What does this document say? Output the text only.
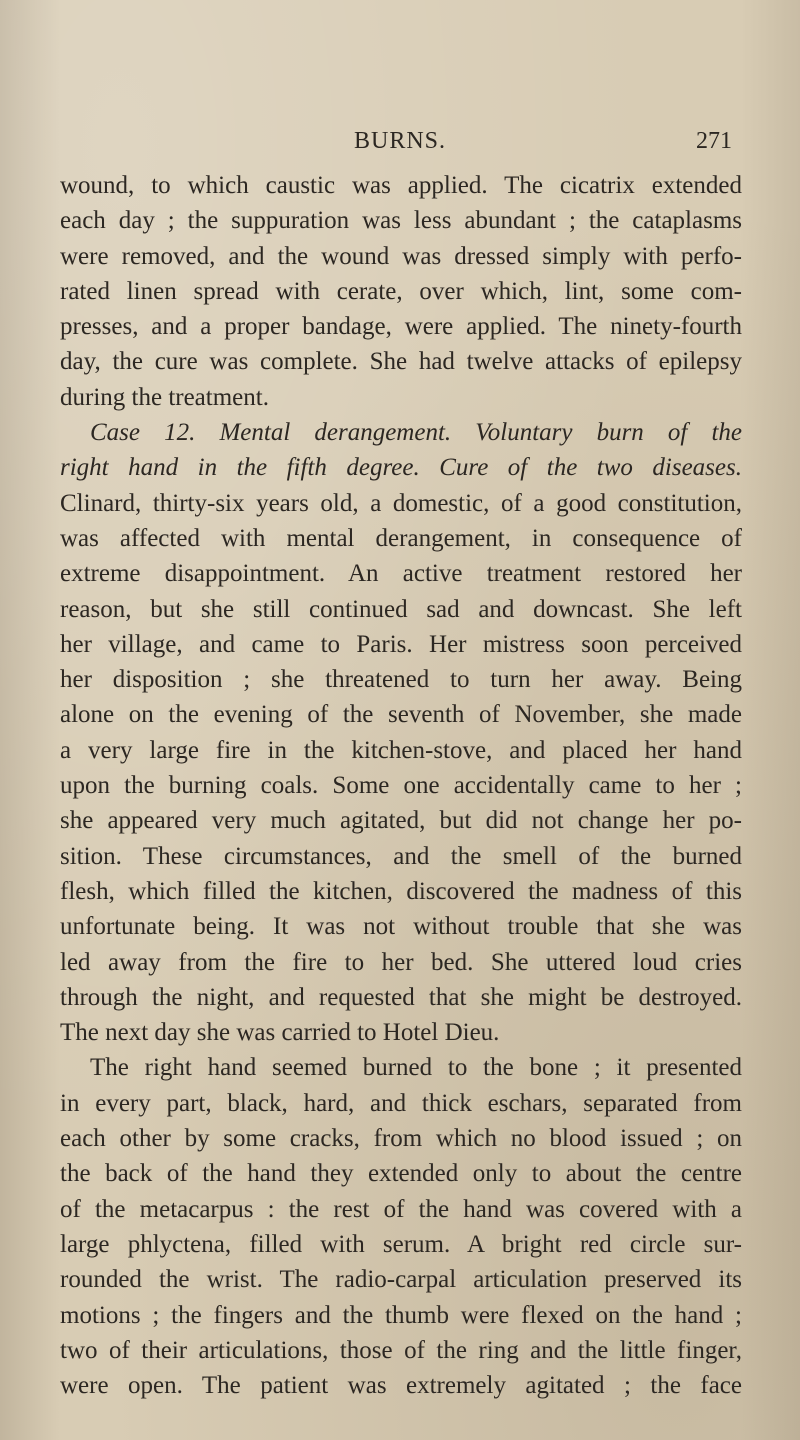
BURNS.	271
wound, to which caustic was applied. The cicatrix extended
each day ; the suppuration was less abundant ; the cataplasms
were removed, and the wound was dressed simply with perfo-
rated linen spread with cerate, over which, lint, some com-
presses, and a proper bandage, were applied. The ninety-fourth
day, the cure was complete. She had twelve attacks of epilepsy
during the treatment.
Case 12. Mental derangement. Voluntary burn of the
right hand in the fifth degree. Cure of the two diseases.
Clinard, thirty-six years old, a domestic, of a good constitution,
was affected with mental derangement, in consequence of
extreme disappointment. An active treatment restored her
reason, but she still continued sad and downcast. She left
her village, and came to Paris. Her mistress soon perceived
her disposition ; she threatened to turn her away. Being
alone on the evening of the seventh of November, she made
a very large fire in the kitchen-stove, and placed her hand
upon the burning coals. Some one accidentally came to her ;
she appeared very much agitated, but did not change her po-
sition. These circumstances, and the smell of the burned
flesh, which filled the kitchen, discovered the madness of this
unfortunate being. It was not without trouble that she was
led away from the fire to her bed. She uttered loud cries
through the night, and requested that she might be destroyed.
The next day she was carried to Hotel Dieu.
The right hand seemed burned to the bone ; it presented
in every part, black, hard, and thick eschars, separated from
each other by some cracks, from which no blood issued ; on
the back of the hand they extended only to about the centre
of the metacarpus : the rest of the hand was covered with a
large phlyctena, filled with serum. A bright red circle sur-
rounded the wrist. The radio-carpal articulation preserved its
motions ; the fingers and the thumb were flexed on the hand ;
two of their articulations, those of the ring and the little finger,
were open. The patient was extremely agitated ; the face
